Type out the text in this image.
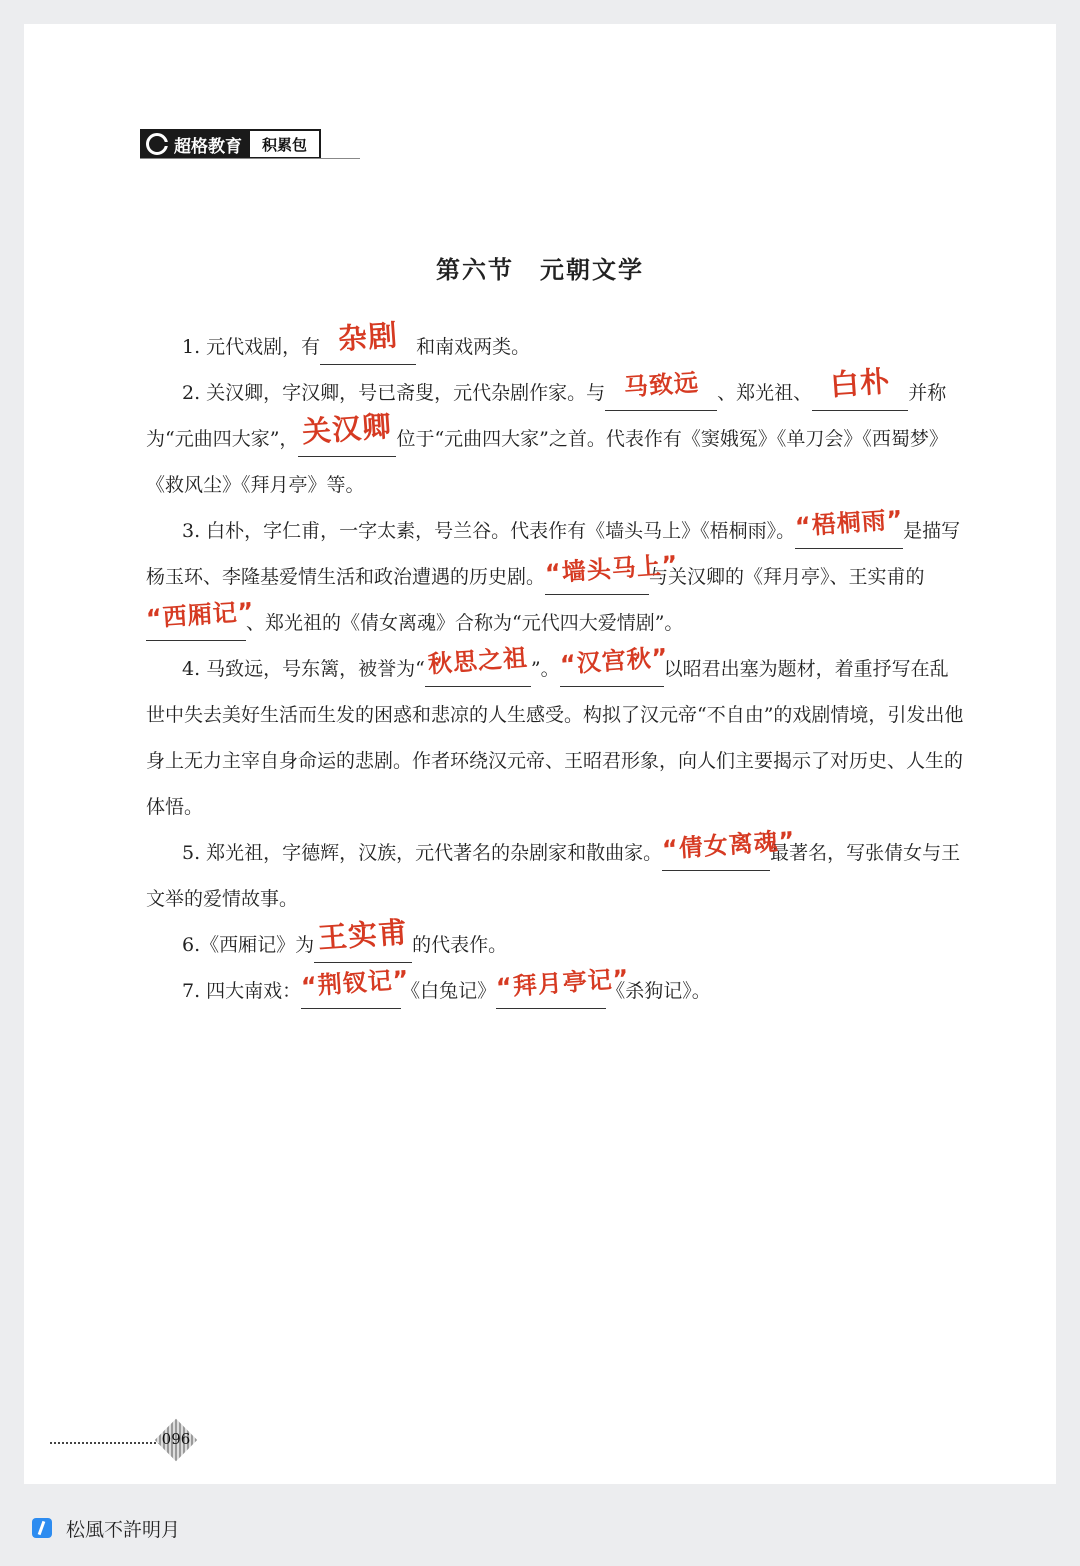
超格教育	积累包
第六节　元朝文学

1. 元代戏剧，有 杂剧 和南戏两类。

2. 关汉卿，字汉卿，号已斋叟，元代杂剧作家。与 马致远 、郑光祖、 白朴 并称为“元曲四大家”， 关汉卿 位于“元曲四大家”之首。代表作有《窦娥冤》《单刀会》《西蜀梦》《救风尘》《拜月亭》等。

3. 白朴，字仁甫，一字太素，号兰谷。代表作有《墙头马上》《梧桐雨》。“梧桐雨”是描写杨玉环、李隆基爱情生活和政治遭遇的历史剧。“墙头马上”与关汉卿的《拜月亭》、王实甫的“西厢记”、郑光祖的《倩女离魂》合称为“元代四大爱情剧”。

4. 马致远，号东篱，被誉为“秋思之祖 ”。“汉宫秋”以昭君出塞为题材，着重抒写在乱世中失去美好生活而生发的困惑和悲凉的人生感受。构拟了汉元帝“不自由”的戏剧情境，引发出他身上无力主宰自身命运的悲剧。作者环绕汉元帝、王昭君形象，向人们主要揭示了对历史、人生的体悟。

5. 郑光祖，字德辉，汉族，元代著名的杂剧家和散曲家。“倩女离魂”最著名，写张倩女与王文举的爱情故事。

6.《西厢记》为 王实甫 的代表作。

7. 四大南戏：“荆钗记”《白兔记》“拜月亭记”《杀狗记》。

096
松風不許明月
